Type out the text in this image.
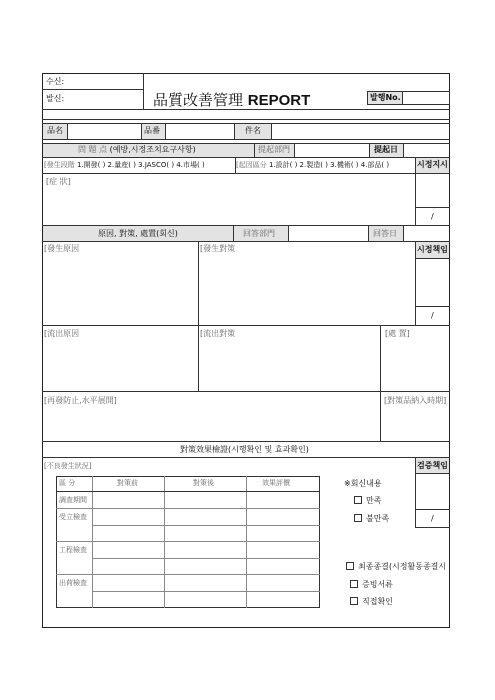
수신:
발신:	品質改善管理 REPORT	발행No.
品名	品番	件名
問 題 点 (예방,시정조치요구사항)	提起部門	提起日
[發生段階 1.開發( ) 2.量産( ) 3.JASCO( ) 4.市場( )	[起因區分 1.設計( ) 2.製造( ) 3.機術( ) 4.部品( )	시정지시
[症 狀]
/
原因, 對策, 處置(회신)	回答部門	回答日
[發生原因	[發生對策	시정책임
/
[流出原因	[流出對策	[處 置]
[再發防止,水平展開]	[對策品納入時期]
對策效果檢證(시행확인 및 효과확인)
[不良發生狀況]	검증책임
/
區 分	對策前	對策後	效果評價
調査期間
受立檢査
工程檢査
出荷檢査
※회신내용
만족
불만족
최종종결(시정활동종결시
증빙서류
직접확인
